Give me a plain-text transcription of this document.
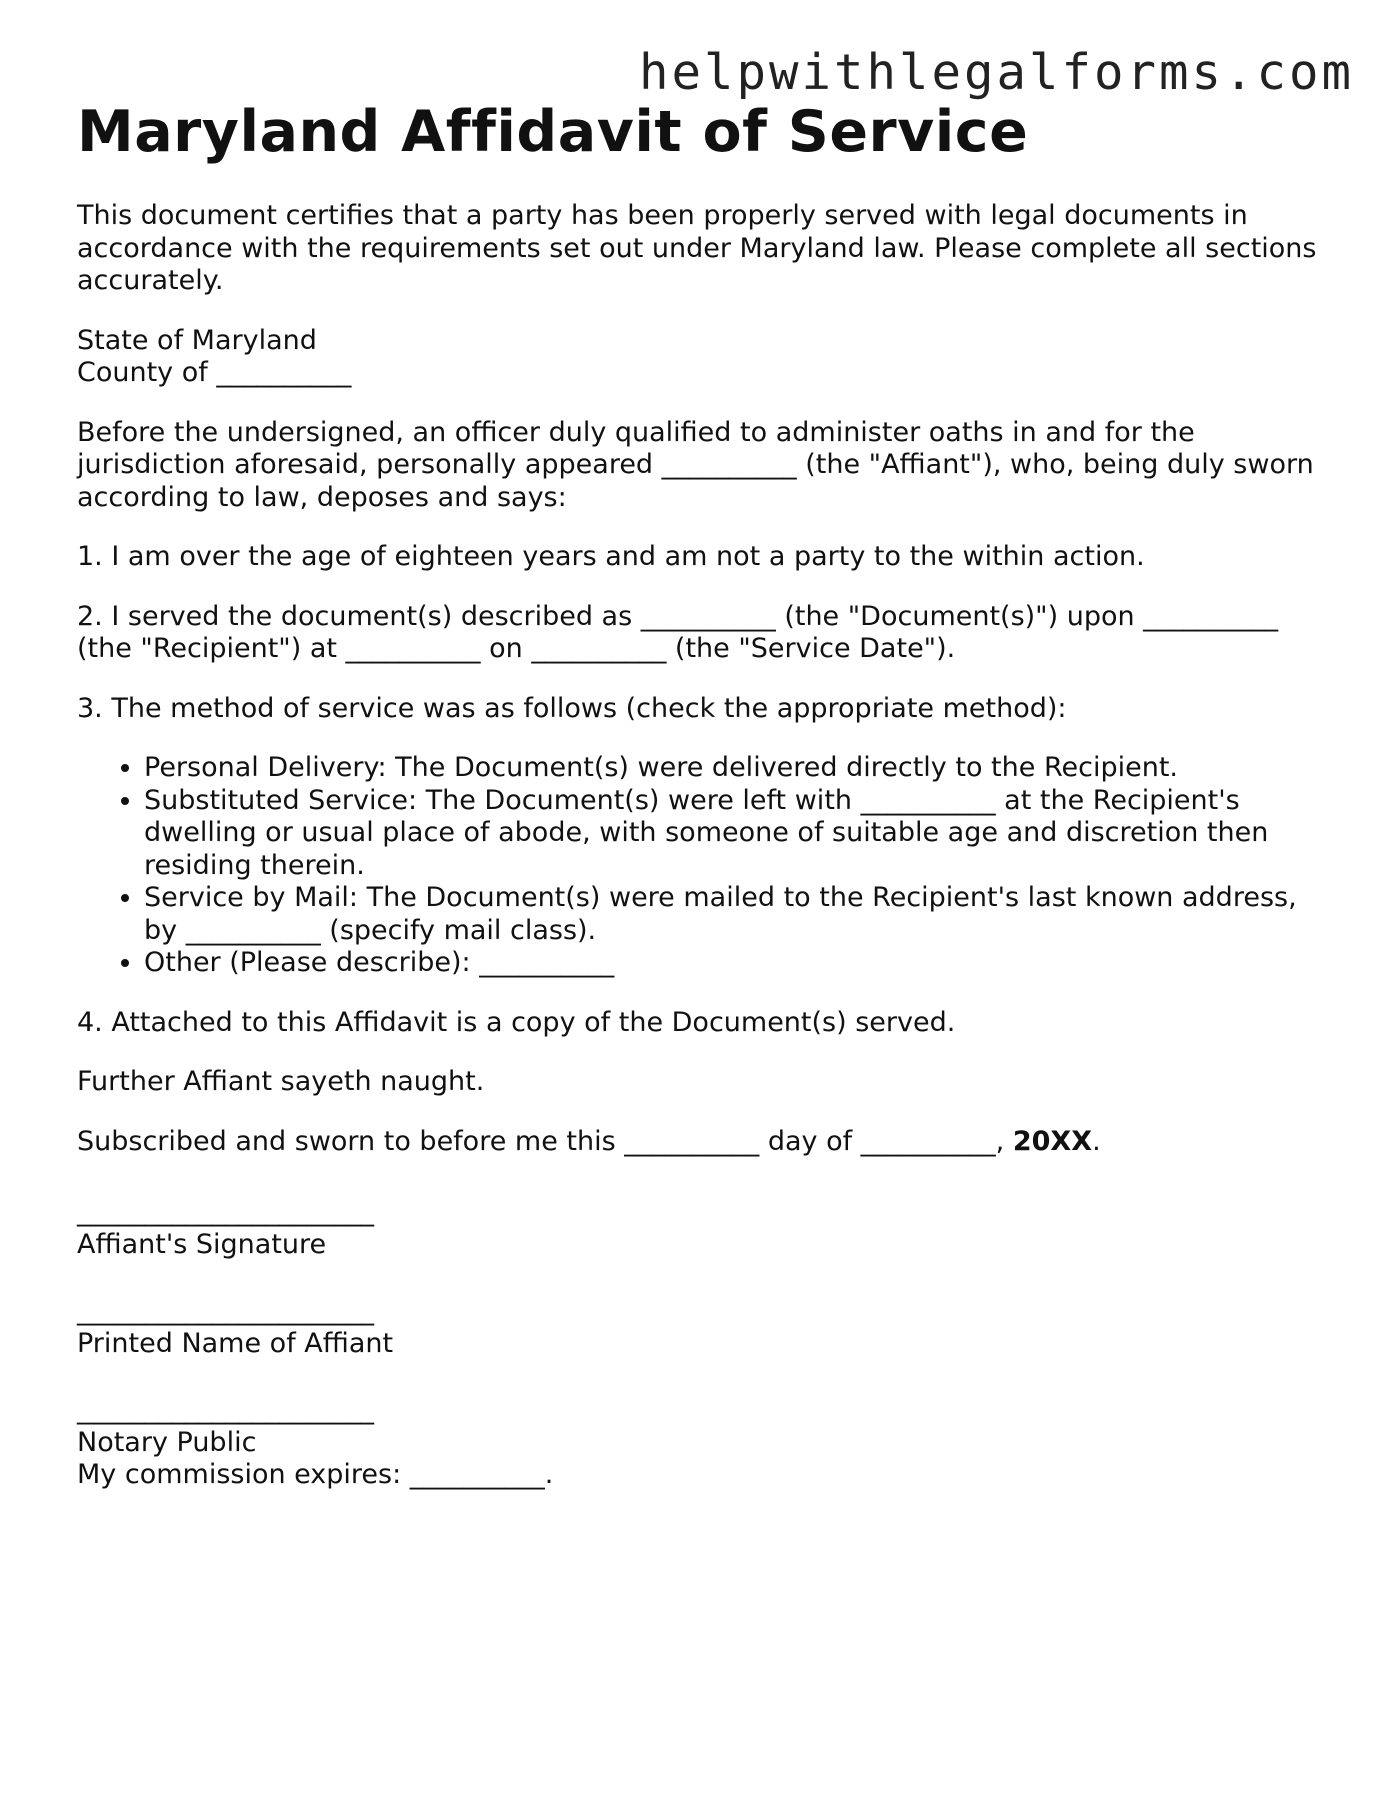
helpwithlegalforms.com
Maryland Affidavit of Service

This document certifies that a party has been properly served with legal documents in accordance with the requirements set out under Maryland law. Please complete all sections accurately.

State of Maryland

County of __________

Before the undersigned, an officer duly qualified to administer oaths in and for the jurisdiction aforesaid, personally appeared __________ (the "Affiant"), who, being duly sworn according to law, deposes and says:

1. I am over the age of eighteen years and am not a party to the within action.

2. I served the document(s) described as __________ (the "Document(s)") upon __________ (the "Recipient") at __________ on __________ (the "Service Date").

3. The method of service was as follows (check the appropriate method):

• Personal Delivery: The Document(s) were delivered directly to the Recipient.
• Substituted Service: The Document(s) were left with __________ at the Recipient's dwelling or usual place of abode, with someone of suitable age and discretion then residing therein.
• Service by Mail: The Document(s) were mailed to the Recipient's last known address, by __________ (specify mail class).
• Other (Please describe): __________

4. Attached to this Affidavit is a copy of the Document(s) served.

Further Affiant sayeth naught.

Subscribed and sworn to before me this __________ day of __________, 20XX.

______________________

Affiant's Signature

______________________

Printed Name of Affiant

______________________

Notary Public

My commission expires: __________.
